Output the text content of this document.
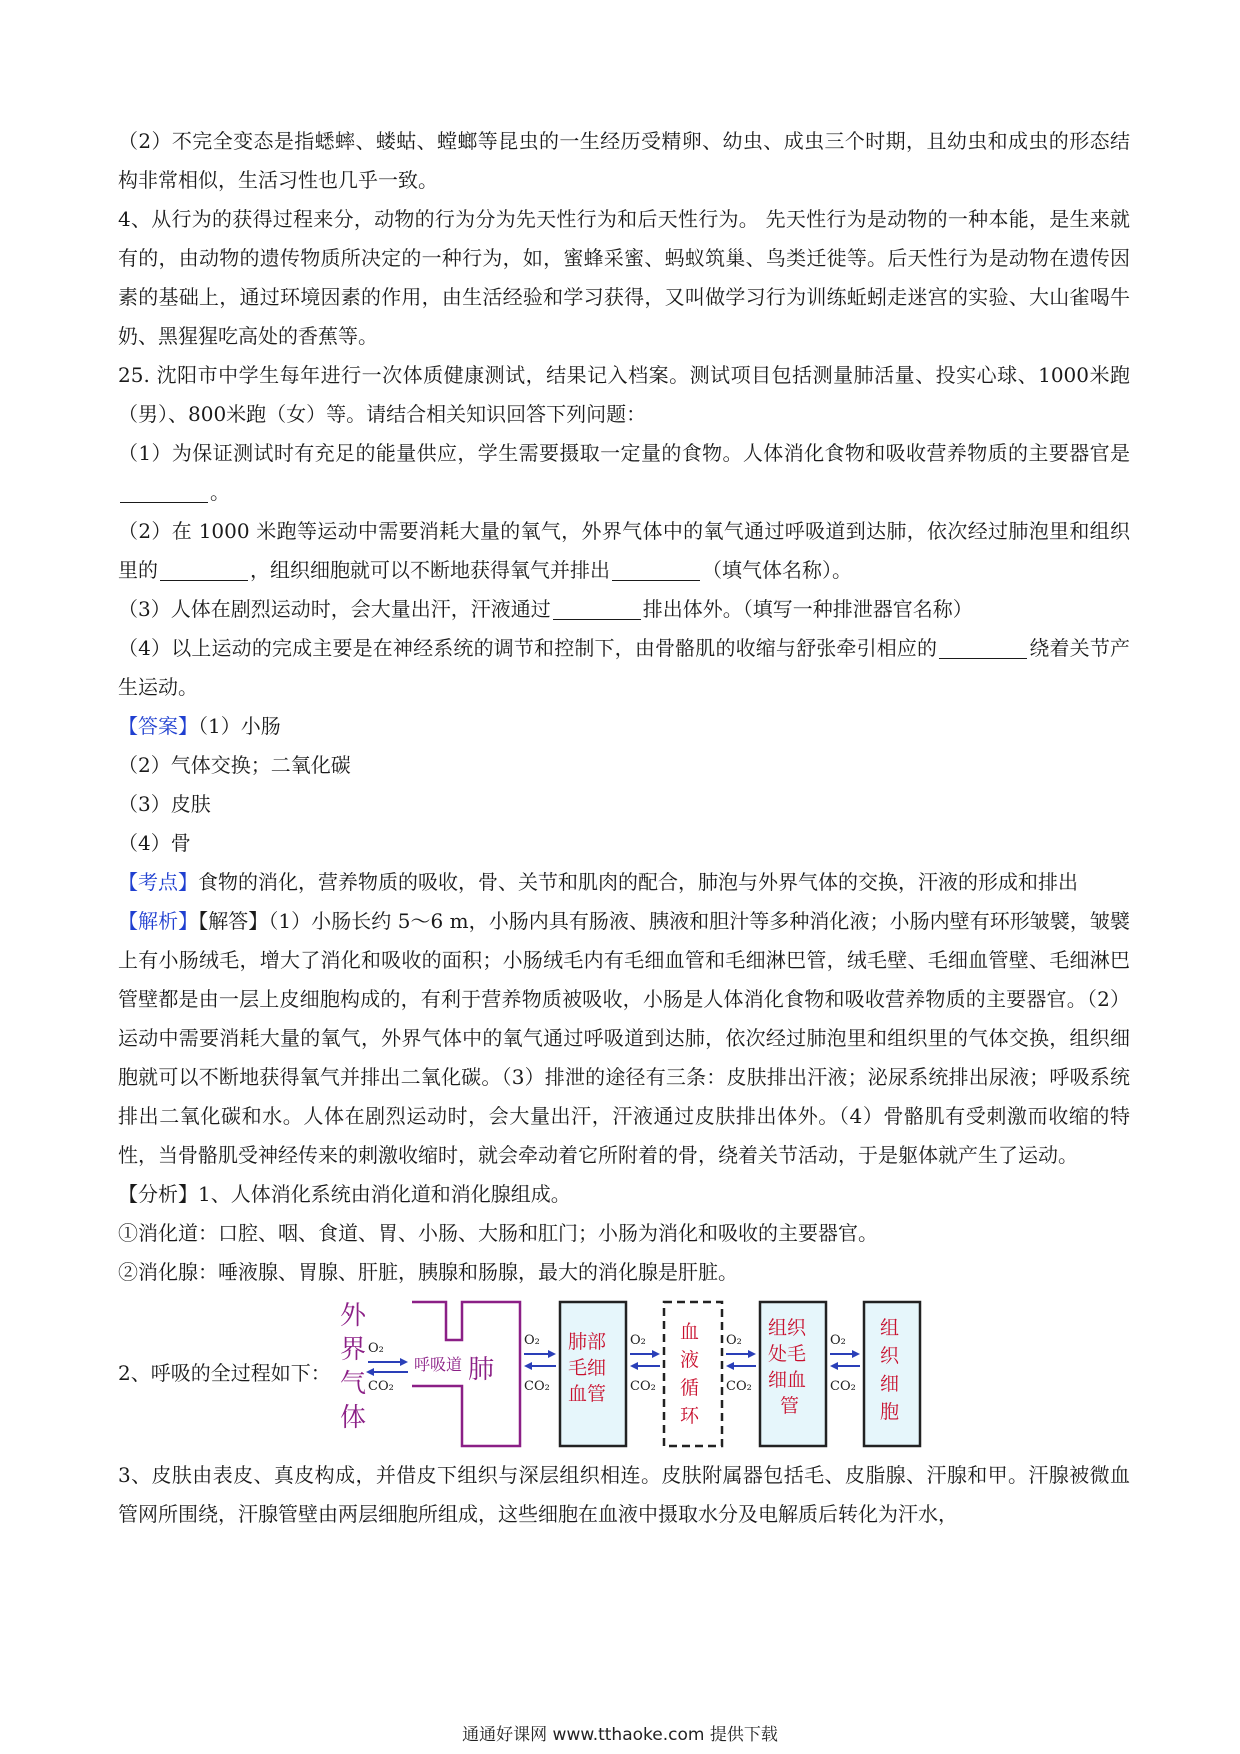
（2）不完全变态是指蟋蟀、蝼蛄、螳螂等昆虫的一生经历受精卵、幼虫、成虫三个时期，且幼虫和成虫的形态结构非常相似，生活习性也几乎一致。

4、从行为的获得过程来分，动物的行为分为先天性行为和后天性行为。 先天性行为是动物的一种本能，是生来就有的，由动物的遗传物质所决定的一种行为，如，蜜蜂采蜜、蚂蚁筑巢、鸟类迁徙等。后天性行为是动物在遗传因素的基础上，通过环境因素的作用，由生活经验和学习获得，又叫做学习行为训练蚯蚓走迷宫的实验、大山雀喝牛奶、黑猩猩吃高处的香蕉等。

25. 沈阳市中学生每年进行一次体质健康测试，结果记入档案。测试项目包括测量肺活量、投实心球、1000米跑（男）、800米跑（女）等。请结合相关知识回答下列问题：

（1）为保证测试时有充足的能量供应，学生需要摄取一定量的食物。人体消化食物和吸收营养物质的主要器官是。

（2）在 1000 米跑等运动中需要消耗大量的氧气，外界气体中的氧气通过呼吸道到达肺，依次经过肺泡里和组织里的	，组织细胞就可以不断地获得氧气并排出	（填气体名称）。

（3）人体在剧烈运动时，会大量出汗，汗液通过	排出体外。（填写一种排泄器官名称）

（4）以上运动的完成主要是在神经系统的调节和控制下，由骨骼肌的收缩与舒张牵引相应的	绕着关节产生运动。

【答案】（1）小肠

（2）气体交换；二氧化碳

（3）皮肤

（4）骨

【考点】食物的消化，营养物质的吸收，骨、关节和肌肉的配合，肺泡与外界气体的交换，汗液的形成和排出

【解析】【解答】（1）小肠长约 5～6 m，小肠内具有肠液、胰液和胆汁等多种消化液；小肠内壁有环形皱襞，皱襞上有小肠绒毛，增大了消化和吸收的面积；小肠绒毛内有毛细血管和毛细淋巴管，绒毛壁、毛细血管壁、毛细淋巴管壁都是由一层上皮细胞构成的，有利于营养物质被吸收，小肠是人体消化食物和吸收营养物质的主要器官。（2）运动中需要消耗大量的氧气，外界气体中的氧气通过呼吸道到达肺，依次经过肺泡里和组织里的气体交换，组织细胞就可以不断地获得氧气并排出二氧化碳。（3）排泄的途径有三条：皮肤排出汗液；泌尿系统排出尿液；呼吸系统排出二氧化碳和水。人体在剧烈运动时，会大量出汗，汗液通过皮肤排出体外。（4）骨骼肌有受刺激而收缩的特性，当骨骼肌受神经传来的刺激收缩时，就会牵动着它所附着的骨，绕着关节活动，于是躯体就产生了运动。

【分析】1、人体消化系统由消化道和消化腺组成。

①消化道：口腔、咽、食道、胃、小肠、大肠和肛门；小肠为消化和吸收的主要器官。

②消化腺：唾液腺、胃腺、肝脏，胰腺和肠腺，最大的消化腺是肝脏。

2、呼吸的全过程如下：
外
界
气
体
O₂
CO₂
呼吸道 肺
O₂
CO₂
肺部
毛细
血管
O₂
CO₂
血
液
循
环
O₂
CO₂
组织
处毛
细血
管
O₂
CO₂
组
织
细
胞

3、皮肤由表皮、真皮构成，并借皮下组织与深层组织相连。皮肤附属器包括毛、皮脂腺、汗腺和甲。汗腺被微血管网所围绕，汗腺管壁由两层细胞所组成，这些细胞在血液中摄取水分及电解质后转化为汗水，

通通好课网 www.tthaoke.com 提供下载
